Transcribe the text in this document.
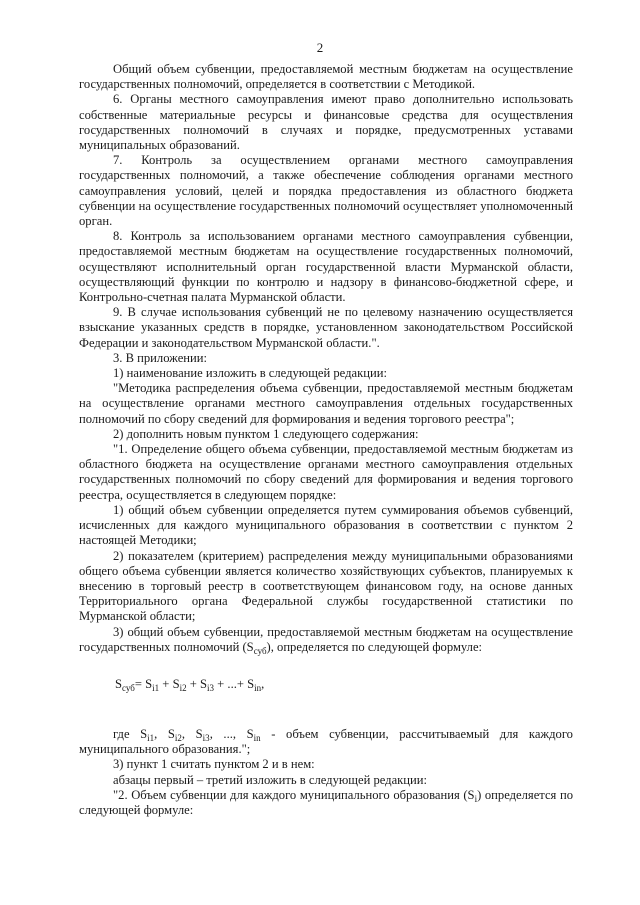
2

Общий объем субвенции, предоставляемой местным бюджетам на осуществление государственных полномочий, определяется в соответствии с Методикой.

6. Органы местного самоуправления имеют право дополнительно использовать собственные материальные ресурсы и финансовые средства для осуществления государственных полномочий в случаях и порядке, предусмотренных уставами муниципальных образований.

7. Контроль за осуществлением органами местного самоуправления государственных полномочий, а также обеспечение соблюдения органами местного самоуправления условий, целей и порядка предоставления из областного бюджета субвенции на осуществление государственных полномочий осуществляет уполномоченный орган.

8. Контроль за использованием органами местного самоуправления субвенции, предоставляемой местным бюджетам на осуществление государственных полномочий, осуществляют исполнительный орган государственной власти Мурманской области, осуществляющий функции по контролю и надзору в финансово-бюджетной сфере, и Контрольно-счетная палата Мурманской области.

9. В случае использования субвенций не по целевому назначению осуществляется взыскание указанных средств в порядке, установленном законодательством Российской Федерации и законодательством Мурманской области.".

3. В приложении:

1) наименование изложить в следующей редакции:

"Методика распределения объема субвенции, предоставляемой местным бюджетам на осуществление органами местного самоуправления отдельных государственных полномочий по сбору сведений для формирования и ведения торгового реестра";

2) дополнить новым пунктом 1 следующего содержания:

"1. Определение общего объема субвенции, предоставляемой местным бюджетам из областного бюджета на осуществление органами местного самоуправления отдельных государственных полномочий по сбору сведений для формирования и ведения торгового реестра, осуществляется в следующем порядке:

1) общий объем субвенции определяется путем суммирования объемов субвенций, исчисленных для каждого муниципального образования в соответствии с пунктом 2 настоящей Методики;

2) показателем (критерием) распределения между муниципальными образованиями общего объема субвенции является количество хозяйствующих субъектов, планируемых к внесению в торговый реестр в соответствующем финансовом году, на основе данных Территориального органа Федеральной службы государственной статистики по Мурманской области;

3) общий объем субвенции, предоставляемой местным бюджетам на осуществление государственных полномочий $(S_{суб})$, определяется по следующей формуле:

$S_{суб}= S_{i1} + S_{i2} + S_{i3}$ + ...+ $S_{in}$,

где $S_{i1}$, $S_{i2}$, $S_{i3}$, ..., $S_{in}$ - объем субвенции, рассчитываемый для каждого муниципального образования.";

3) пункт 1 считать пунктом 2 и в нем:

абзацы первый – третий изложить в следующей редакции:

"2. Объем субвенции для каждого муниципального образования $(S_i)$ определяется по следующей формуле:
